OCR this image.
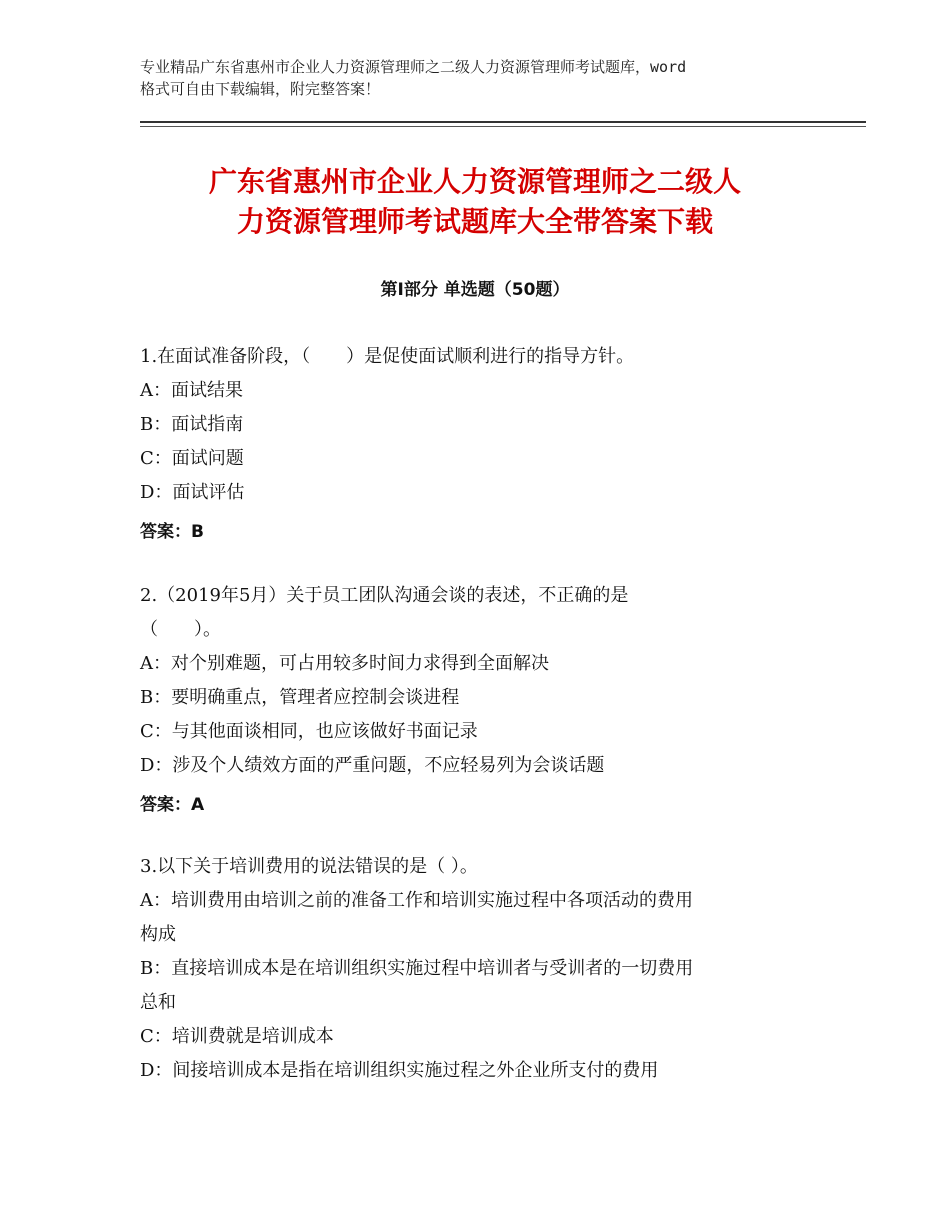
专业精品广东省惠州市企业人力资源管理师之二级人力资源管理师考试题库，word
格式可自由下载编辑，附完整答案！
广东省惠州市企业人力资源管理师之二级人
力资源管理师考试题库大全带答案下载
第Ⅰ部分 单选题（50题）
1.在面试准备阶段，（　　）是促使面试顺利进行的指导方针。
A：面试结果
B：面试指南
C：面试问题
D：面试评估
答案：B
2.（2019年5月）关于员工团队沟通会谈的表述，不正确的是
（　　）。
A：对个别难题，可占用较多时间力求得到全面解决
B：要明确重点，管理者应控制会谈进程
C：与其他面谈相同，也应该做好书面记录
D：涉及个人绩效方面的严重问题，不应轻易列为会谈话题
答案：A
3.以下关于培训费用的说法错误的是（ ）。
A：培训费用由培训之前的准备工作和培训实施过程中各项活动的费用
构成
B：直接培训成本是在培训组织实施过程中培训者与受训者的一切费用
总和
C：培训费就是培训成本
D：间接培训成本是指在培训组织实施过程之外企业所支付的费用
